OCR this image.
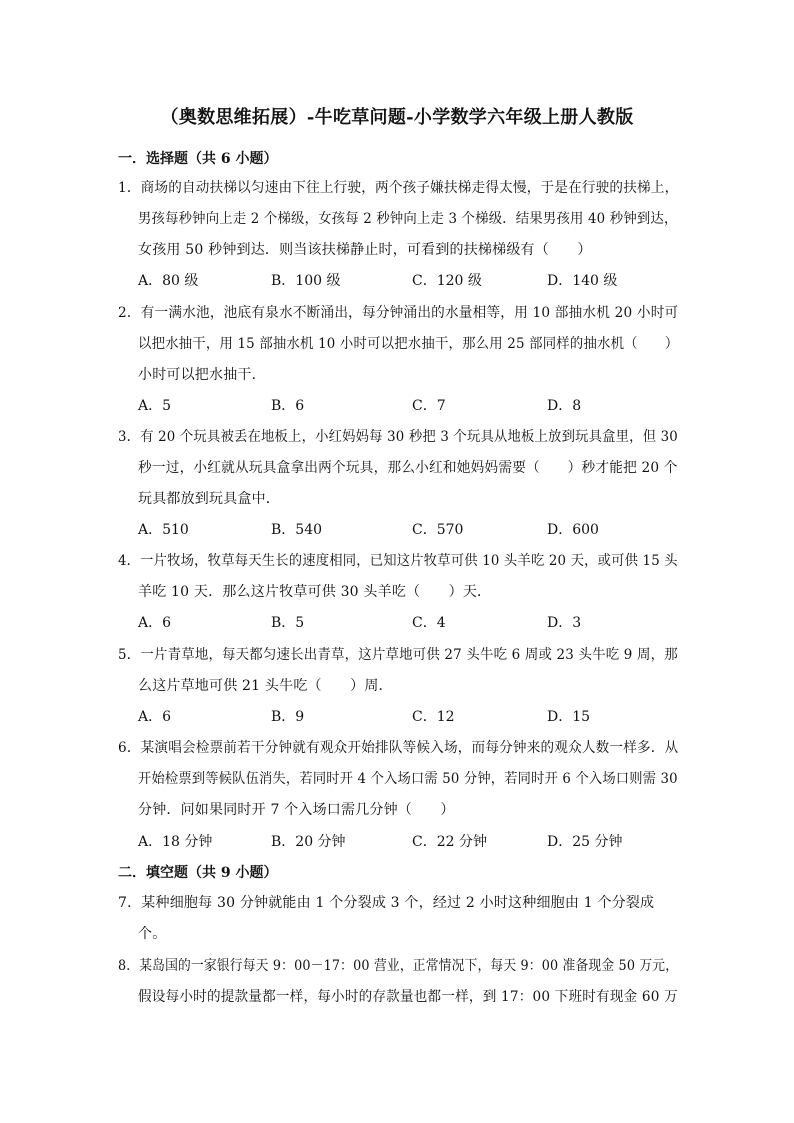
（奥数思维拓展）-牛吃草问题-小学数学六年级上册人教版
一．选择题（共 6 小题）
1．商场的自动扶梯以匀速由下往上行驶，两个孩子嫌扶梯走得太慢，于是在行驶的扶梯上，
男孩每秒钟向上走 2 个梯级，女孩每 2 秒钟向上走 3 个梯级．结果男孩用 40 秒钟到达，
女孩用 50 秒钟到达．则当该扶梯静止时，可看到的扶梯梯级有（　　）
A．80 级	B．100 级	C．120 级	D．140 级
2．有一满水池，池底有泉水不断涌出，每分钟涌出的水量相等，用 10 部抽水机 20 小时可
以把水抽干，用 15 部抽水机 10 小时可以把水抽干，那么用 25 部同样的抽水机（　　）
小时可以把水抽干．
A．5	B．6	C．7	D．8
3．有 20 个玩具被丢在地板上，小红妈妈每 30 秒把 3 个玩具从地板上放到玩具盒里，但 30
秒一过，小红就从玩具盒拿出两个玩具，那么小红和她妈妈需要（　　）秒才能把 20 个
玩具都放到玩具盒中．
A．510	B．540	C．570	D．600
4．一片牧场，牧草每天生长的速度相同，已知这片牧草可供 10 头羊吃 20 天，或可供 15 头
羊吃 10 天．那么这片牧草可供 30 头羊吃（　　）天．
A．6	B．5	C．4	D．3
5．一片青草地，每天都匀速长出青草，这片草地可供 27 头牛吃 6 周或 23 头牛吃 9 周，那
么这片草地可供 21 头牛吃（　　）周．
A．6	B．9	C．12	D．15
6．某演唱会检票前若干分钟就有观众开始排队等候入场，而每分钟来的观众人数一样多．从
开始检票到等候队伍消失，若同时开 4 个入场口需 50 分钟，若同时开 6 个入场口则需 30
分钟．问如果同时开 7 个入场口需几分钟（　　）
A．18 分钟	B．20 分钟	C．22 分钟	D．25 分钟
二．填空题（共 9 小题）
7．某种细胞每 30 分钟就能由 1 个分裂成 3 个，经过 2 小时这种细胞由 1 个分裂成
个。
8．某岛国的一家银行每天 9：00－17：00 营业，正常情况下，每天 9：00 准备现金 50 万元，
假设每小时的提款量都一样，每小时的存款量也都一样，到 17：00 下班时有现金 60 万
